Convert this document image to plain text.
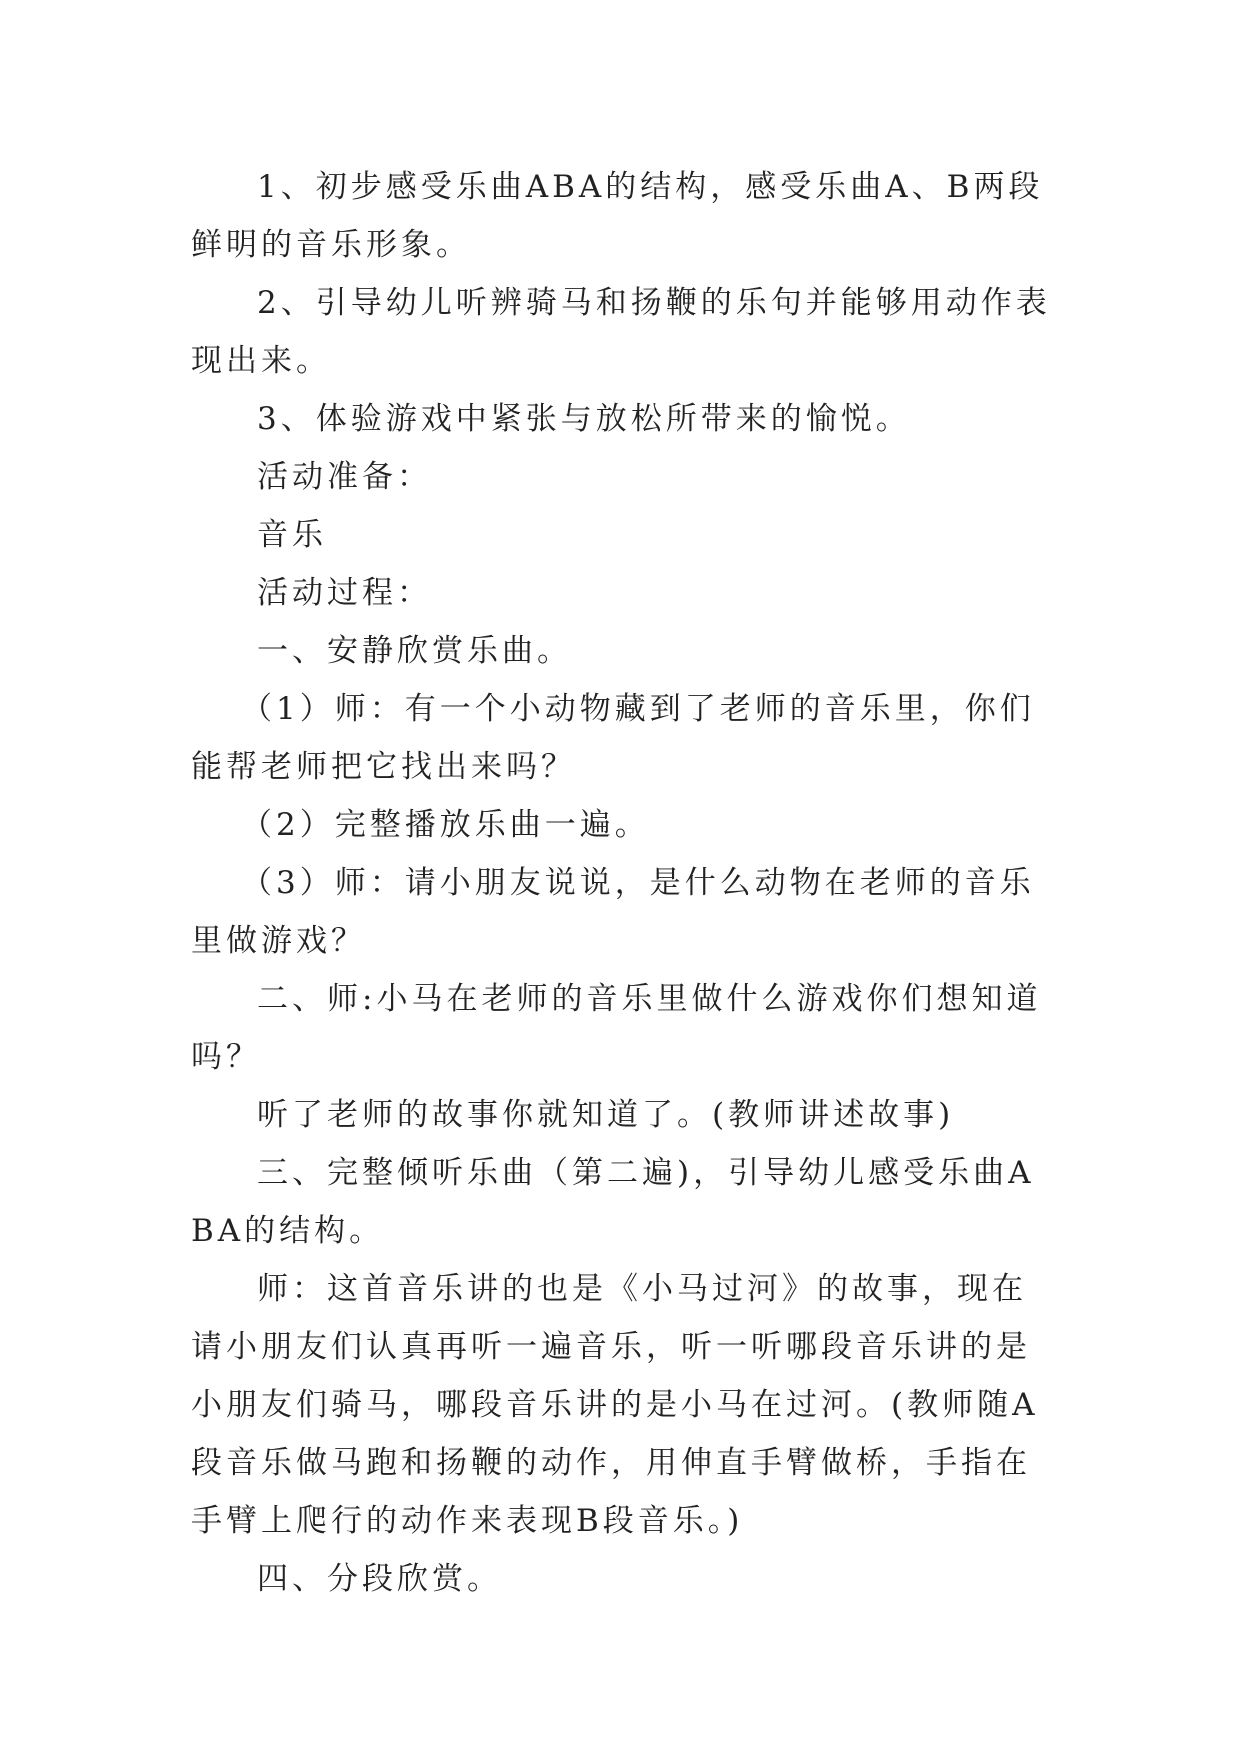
1、初步感受乐曲ABA的结构，感受乐曲A、B两段鲜明的音乐形象。

2、引导幼儿听辨骑马和扬鞭的乐句并能够用动作表现出来。

3、体验游戏中紧张与放松所带来的愉悦。

活动准备：

音乐

活动过程：

一、安静欣赏乐曲。

（1）师：有一个小动物藏到了老师的音乐里，你们能帮老师把它找出来吗？

（2）完整播放乐曲一遍。

（3）师：请小朋友说说，是什么动物在老师的音乐里做游戏？

二、师:小马在老师的音乐里做什么游戏你们想知道吗？

听了老师的故事你就知道了。(教师讲述故事)

三、完整倾听乐曲（第二遍)，引导幼儿感受乐曲ABA的结构。

师：这首音乐讲的也是《小马过河》的故事，现在请小朋友们认真再听一遍音乐，听一听哪段音乐讲的是小朋友们骑马，哪段音乐讲的是小马在过河。(教师随A段音乐做马跑和扬鞭的动作，用伸直手臂做桥，手指在手臂上爬行的动作来表现B段音乐。)

四、分段欣赏。
